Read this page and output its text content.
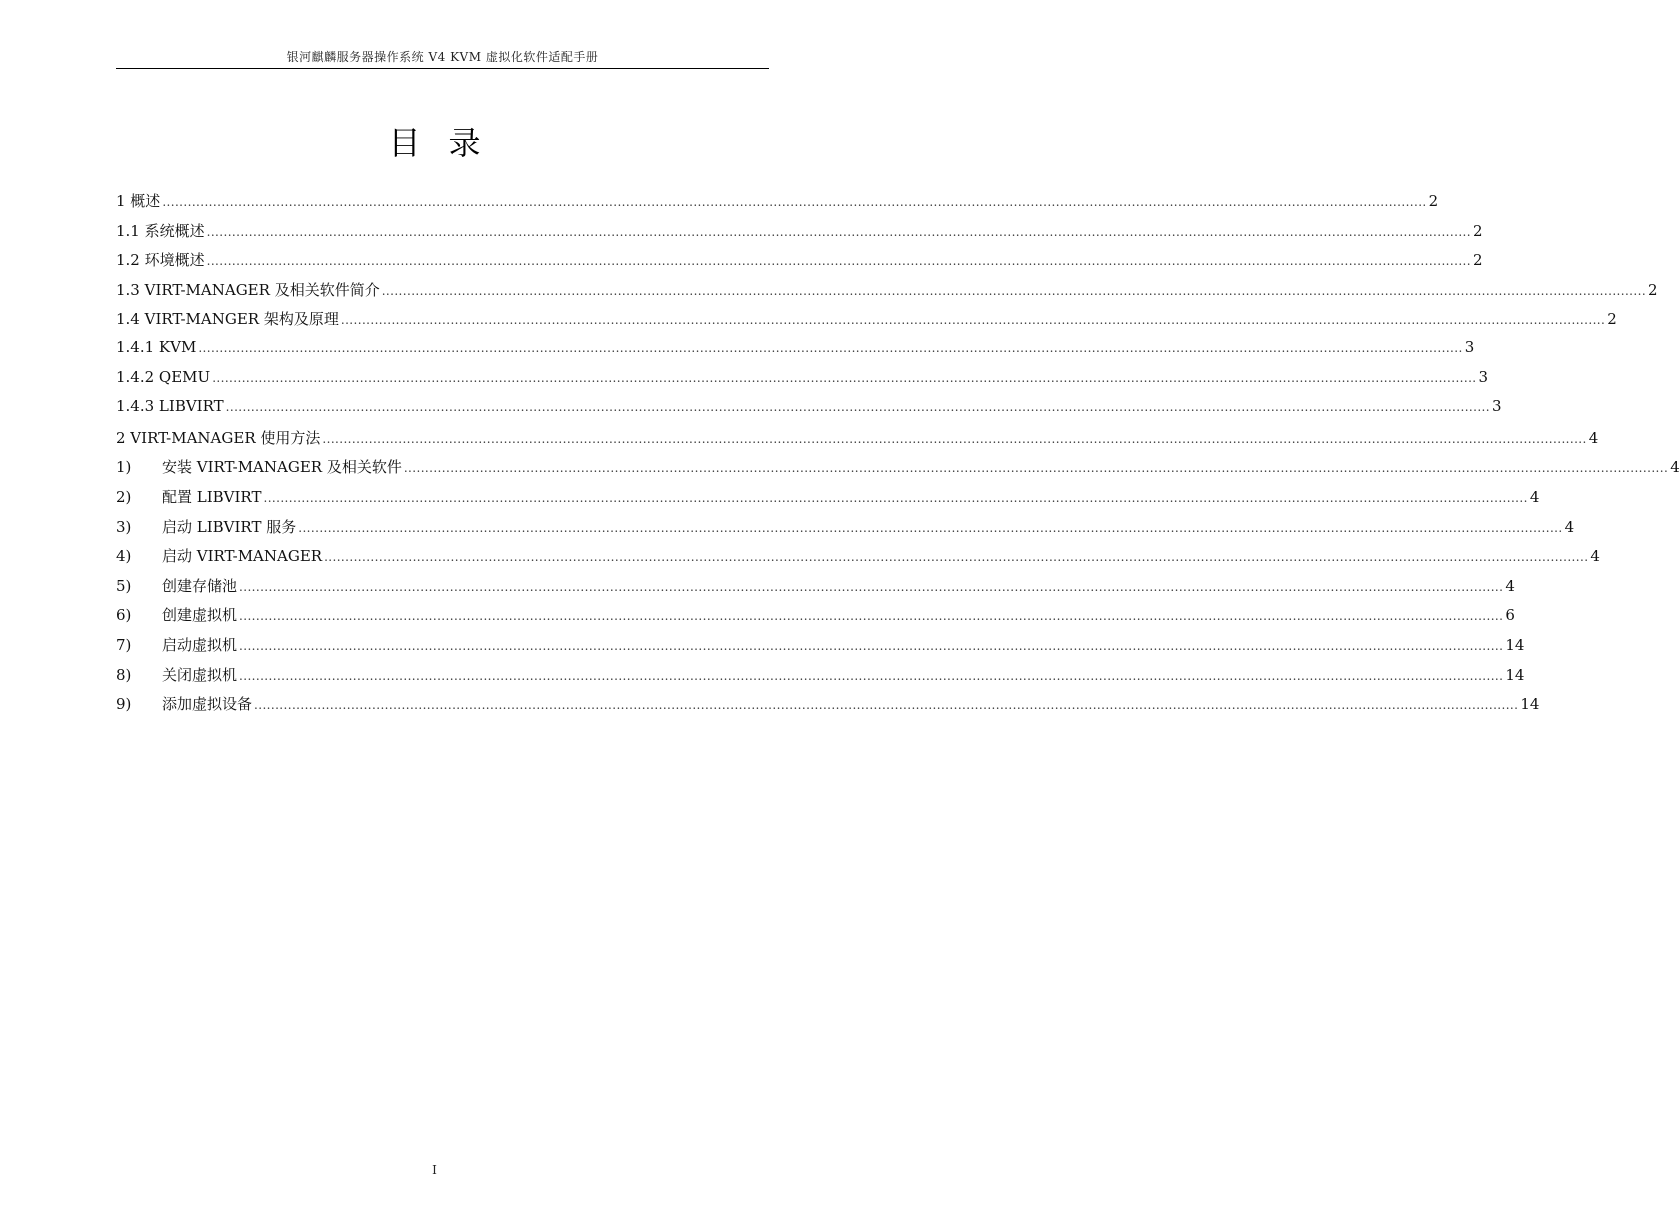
银河麒麟服务器操作系统 V4 KVM 虚拟化软件适配手册
目录
1 概述 ............................................................................................................................................................................................................................................................................................................ 2
1.1 系统概述 ............................................................................................................................................................................................................................................................................................................ 2
1.2 环境概述 ............................................................................................................................................................................................................................................................................................................ 2
1.3 VIRT-MANAGER 及相关软件简介 ............................................................................................................................................................................................................................................................................................................ 2
1.4 VIRT-MANGER 架构及原理 ............................................................................................................................................................................................................................................................................................................ 2
1.4.1 KVM ............................................................................................................................................................................................................................................................................................................ 3
1.4.2 QEMU ............................................................................................................................................................................................................................................................................................................ 3
1.4.3 LIBVIRT ............................................................................................................................................................................................................................................................................................................ 3
2 VIRT-MANAGER 使用方法 ............................................................................................................................................................................................................................................................................................................ 4
1)	安装 VIRT-MANAGER 及相关软件 ............................................................................................................................................................................................................................................................................................................ 4
2)	配置 LIBVIRT ............................................................................................................................................................................................................................................................................................................ 4
3)	启动 LIBVIRT 服务 ............................................................................................................................................................................................................................................................................................................ 4
4)	启动 VIRT-MANAGER ............................................................................................................................................................................................................................................................................................................ 4
5)	创建存储池 ............................................................................................................................................................................................................................................................................................................ 4
6)	创建虚拟机 ............................................................................................................................................................................................................................................................................................................ 6
7)	启动虚拟机 ............................................................................................................................................................................................................................................................................................................ 14
8)	关闭虚拟机 ............................................................................................................................................................................................................................................................................................................ 14
9)	添加虚拟设备 ............................................................................................................................................................................................................................................................................................................ 14
I
